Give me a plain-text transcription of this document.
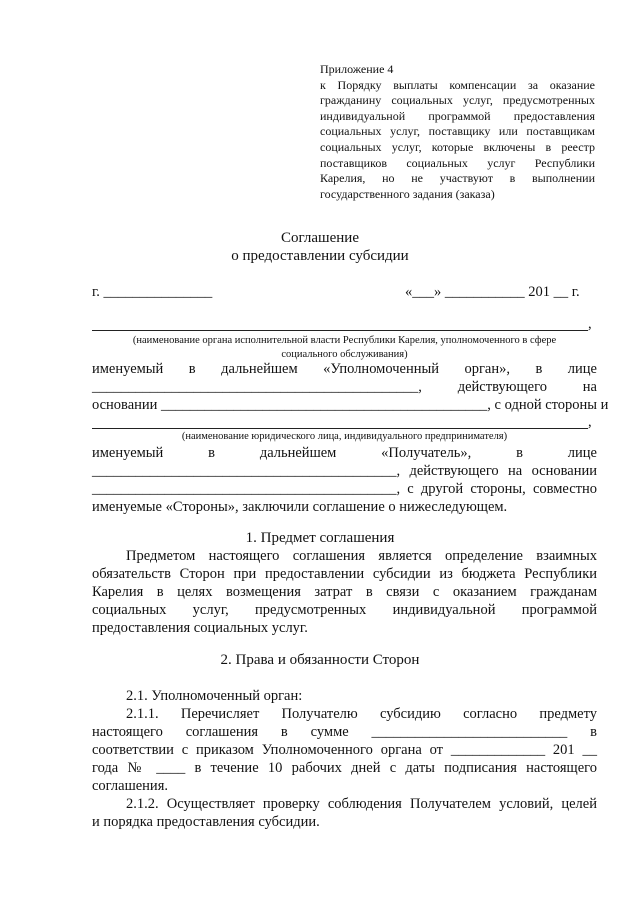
Приложение 4
к Порядку выплаты компенсации за оказание
гражданину социальных услуг, предусмотренных
индивидуальной программой предоставления
социальных услуг, поставщику или поставщикам
социальных услуг, которые включены в реестр
поставщиков социальных услуг Республики
Карелия, но не участвуют в выполнении
государственного задания (заказа)
Соглашение
о предоставлении субсидии
г. _______________	«___» ___________ 201 __ г.
,
(наименование органа исполнительной власти Республики Карелия, уполномоченного в сфере
социального обслуживания)
именуемый в дальнейшем «Уполномоченный орган», в лице
_____________________________________________, действующего на
основании _____________________________________________, с одной стороны и
,
(наименование юридического лица, индивидуального предпринимателя)
именуемый в дальнейшем «Получатель», в лице
__________________________________________, действующего на основании
__________________________________________, с другой стороны, совместно
именуемые «Стороны», заключили соглашение о нижеследующем.
1. Предмет соглашения
Предметом настоящего соглашения является определение взаимных
обязательств Сторон при предоставлении субсидии из бюджета Республики
Карелия в целях возмещения затрат в связи с оказанием гражданам
социальных услуг, предусмотренных индивидуальной программой
предоставления социальных услуг.
2. Права и обязанности Сторон
2.1. Уполномоченный орган:
2.1.1. Перечисляет Получателю субсидию согласно предмету
настоящего соглашения в сумме ___________________________ в
соответствии с приказом Уполномоченного органа от _____________ 201 __
года № ____ в течение 10 рабочих дней с даты подписания настоящего
соглашения.
2.1.2. Осуществляет проверку соблюдения Получателем условий, целей
и порядка предоставления субсидии.
